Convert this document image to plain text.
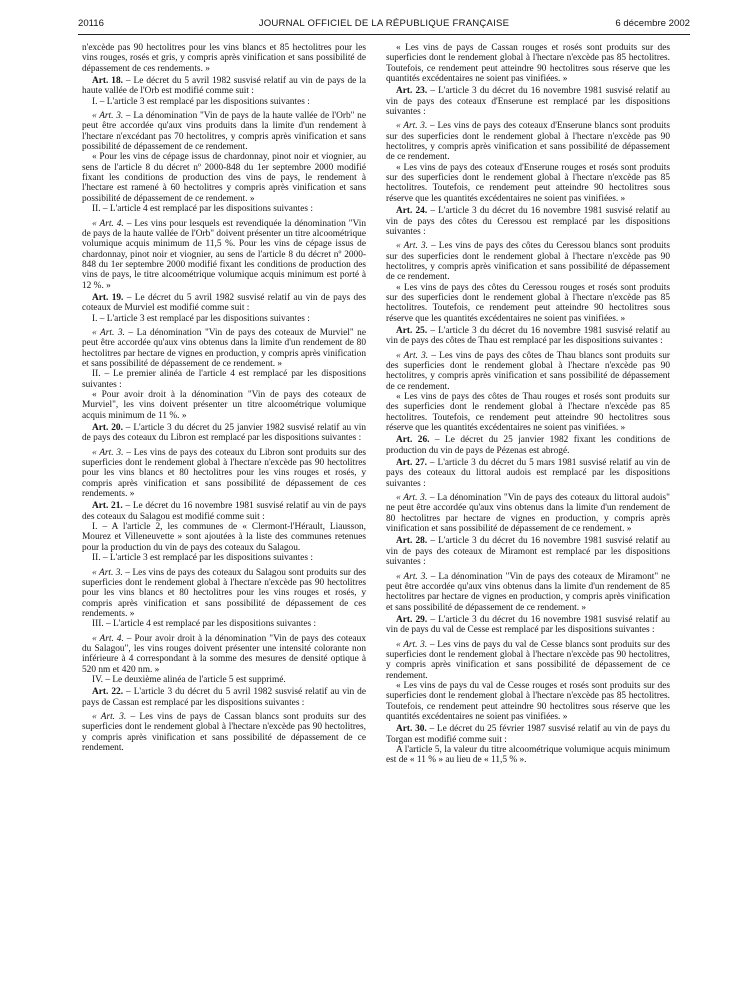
20116	JOURNAL OFFICIEL DE LA RÉPUBLIQUE FRANÇAISE	6 décembre 2002

n'excède pas 90 hectolitres pour les vins blancs et 85 hectolitres pour les vins rouges, rosés et gris, y compris après vinification et sans possibilité de dépassement de ces rendements. »

Art. 18. – Le décret du 5 avril 1982 susvisé relatif au vin de pays de la haute vallée de l'Orb est modifié comme suit :

I. – L'article 3 est remplacé par les dispositions suivantes :

« Art. 3. – La dénomination "Vin de pays de la haute vallée de l'Orb" ne peut être accordée qu'aux vins produits dans la limite d'un rendement à l'hectare n'excédant pas 70 hectolitres, y compris après vinification et sans possibilité de dépassement de ce rendement.

« Pour les vins de cépage issus de chardonnay, pinot noir et viognier, au sens de l'article 8 du décret nº 2000-848 du 1er septembre 2000 modifié fixant les conditions de production des vins de pays, le rendement à l'hectare est ramené à 60 hectolitres y compris après vinification et sans possibilité de dépassement de ce rendement. »

II. – L'article 4 est remplacé par les dispositions suivantes :

« Art. 4. – Les vins pour lesquels est revendiquée la dénomination "Vin de pays de la haute vallée de l'Orb" doivent présenter un titre alcoométrique volumique acquis minimum de 11,5 %. Pour les vins de cépage issus de chardonnay, pinot noir et viognier, au sens de l'article 8 du décret nº 2000-848 du 1er septembre 2000 modifié fixant les conditions de production des vins de pays, le titre alcoométrique volumique acquis minimum est porté à 12 %. »

Art. 19. – Le décret du 5 avril 1982 susvisé relatif au vin de pays des coteaux de Murviel est modifié comme suit :

I. – L'article 3 est remplacé par les dispositions suivantes :

« Art. 3. – La dénomination "Vin de pays des coteaux de Murviel" ne peut être accordée qu'aux vins obtenus dans la limite d'un rendement de 80 hectolitres par hectare de vignes en production, y compris après vinification et sans possibilité de dépassement de ce rendement. »

II. – Le premier alinéa de l'article 4 est remplacé par les dispositions suivantes :

« Pour avoir droit à la dénomination "Vin de pays des coteaux de Murviel", les vins doivent présenter un titre alcoométrique volumique acquis minimum de 11 %. »

Art. 20. – L'article 3 du décret du 25 janvier 1982 susvisé relatif au vin de pays des coteaux du Libron est remplacé par les dispositions suivantes :

« Art. 3. – Les vins de pays des coteaux du Libron sont produits sur des superficies dont le rendement global à l'hectare n'excède pas 90 hectolitres pour les vins blancs et 80 hectolitres pour les vins rouges et rosés, y compris après vinification et sans possibilité de dépassement de ces rendements. »

Art. 21. – Le décret du 16 novembre 1981 susvisé relatif au vin de pays des coteaux du Salagou est modifié comme suit :

I. – A l'article 2, les communes de « Clermont-l'Hérault, Liausson, Mourez et Villeneuvette » sont ajoutées à la liste des communes retenues pour la production du vin de pays des coteaux du Salagou.

II. – L'article 3 est remplacé par les dispositions suivantes :

« Art. 3. – Les vins de pays des coteaux du Salagou sont produits sur des superficies dont le rendement global à l'hectare n'excède pas 90 hectolitres pour les vins blancs et 80 hectolitres pour les vins rouges et rosés, y compris après vinification et sans possibilité de dépassement de ces rendements. »

III. – L'article 4 est remplacé par les dispositions suivantes :

« Art. 4. – Pour avoir droit à la dénomination "Vin de pays des coteaux du Salagou", les vins rouges doivent présenter une intensité colorante non inférieure à 4 correspondant à la somme des mesures de densité optique à 520 nm et 420 nm. »

IV. – Le deuxième alinéa de l'article 5 est supprimé.

Art. 22. – L'article 3 du décret du 5 avril 1982 susvisé relatif au vin de pays de Cassan est remplacé par les dispositions suivantes :

« Art. 3. – Les vins de pays de Cassan blancs sont produits sur des superficies dont le rendement global à l'hectare n'excède pas 90 hectolitres, y compris après vinification et sans possibilité de dépassement de ce rendement.

« Les vins de pays de Cassan rouges et rosés sont produits sur des superficies dont le rendement global à l'hectare n'excède pas 85 hectolitres. Toutefois, ce rendement peut atteindre 90 hectolitres sous réserve que les quantités excédentaires ne soient pas vinifiées. »

Art. 23. – L'article 3 du décret du 16 novembre 1981 susvisé relatif au vin de pays des coteaux d'Enserune est remplacé par les dispositions suivantes :

« Art. 3. – Les vins de pays des coteaux d'Enserune blancs sont produits sur des superficies dont le rendement global à l'hectare n'excède pas 90 hectolitres, y compris après vinification et sans possibilité de dépassement de ce rendement.

« Les vins de pays des coteaux d'Enserune rouges et rosés sont produits sur des superficies dont le rendement global à l'hectare n'excède pas 85 hectolitres. Toutefois, ce rendement peut atteindre 90 hectolitres sous réserve que les quantités excédentaires ne soient pas vinifiées. »

Art. 24. – L'article 3 du décret du 16 novembre 1981 susvisé relatif au vin de pays des côtes du Ceressou est remplacé par les dispositions suivantes :

« Art. 3. – Les vins de pays des côtes du Ceressou blancs sont produits sur des superficies dont le rendement global à l'hectare n'excède pas 90 hectolitres, y compris après vinification et sans possibilité de dépassement de ce rendement.

« Les vins de pays des côtes du Ceressou rouges et rosés sont produits sur des superficies dont le rendement global à l'hectare n'excède pas 85 hectolitres. Toutefois, ce rendement peut atteindre 90 hectolitres sous réserve que les quantités excédentaires ne soient pas vinifiées. »

Art. 25. – L'article 3 du décret du 16 novembre 1981 susvisé relatif au vin de pays des côtes de Thau est remplacé par les dispositions suivantes :

« Art. 3. – Les vins de pays des côtes de Thau blancs sont produits sur des superficies dont le rendement global à l'hectare n'excède pas 90 hectolitres, y compris après vinification et sans possibilité de dépassement de ce rendement.

« Les vins de pays des côtes de Thau rouges et rosés sont produits sur des superficies dont le rendement global à l'hectare n'excède pas 85 hectolitres. Toutefois, ce rendement peut atteindre 90 hectolitres sous réserve que les quantités excédentaires ne soient pas vinifiées. »

Art. 26. – Le décret du 25 janvier 1982 fixant les conditions de production du vin de pays de Pézenas est abrogé.

Art. 27. – L'article 3 du décret du 5 mars 1981 susvisé relatif au vin de pays des coteaux du littoral audois est remplacé par les dispositions suivantes :

« Art. 3. – La dénomination "Vin de pays des coteaux du littoral audois" ne peut être accordée qu'aux vins obtenus dans la limite d'un rendement de 80 hectolitres par hectare de vignes en production, y compris après vinification et sans possibilité de dépassement de ce rendement. »

Art. 28. – L'article 3 du décret du 16 novembre 1981 susvisé relatif au vin de pays des coteaux de Miramont est remplacé par les dispositions suivantes :

« Art. 3. – La dénomination "Vin de pays des coteaux de Miramont" ne peut être accordée qu'aux vins obtenus dans la limite d'un rendement de 85 hectolitres par hectare de vignes en production, y compris après vinification et sans possibilité de dépassement de ce rendement. »

Art. 29. – L'article 3 du décret du 16 novembre 1981 susvisé relatif au vin de pays du val de Cesse est remplacé par les dispositions suivantes :

« Art. 3. – Les vins de pays du val de Cesse blancs sont produits sur des superficies dont le rendement global à l'hectare n'excède pas 90 hectolitres, y compris après vinification et sans possibilité de dépassement de ce rendement.

« Les vins de pays du val de Cesse rouges et rosés sont produits sur des superficies dont le rendement global à l'hectare n'excède pas 85 hectolitres. Toutefois, ce rendement peut atteindre 90 hectolitres sous réserve que les quantités excédentaires ne soient pas vinifiées. »

Art. 30. – Le décret du 25 février 1987 susvisé relatif au vin de pays du Torgan est modifié comme suit :

A l'article 5, la valeur du titre alcoométrique volumique acquis minimum est de « 11 % » au lieu de « 11,5 % ».
